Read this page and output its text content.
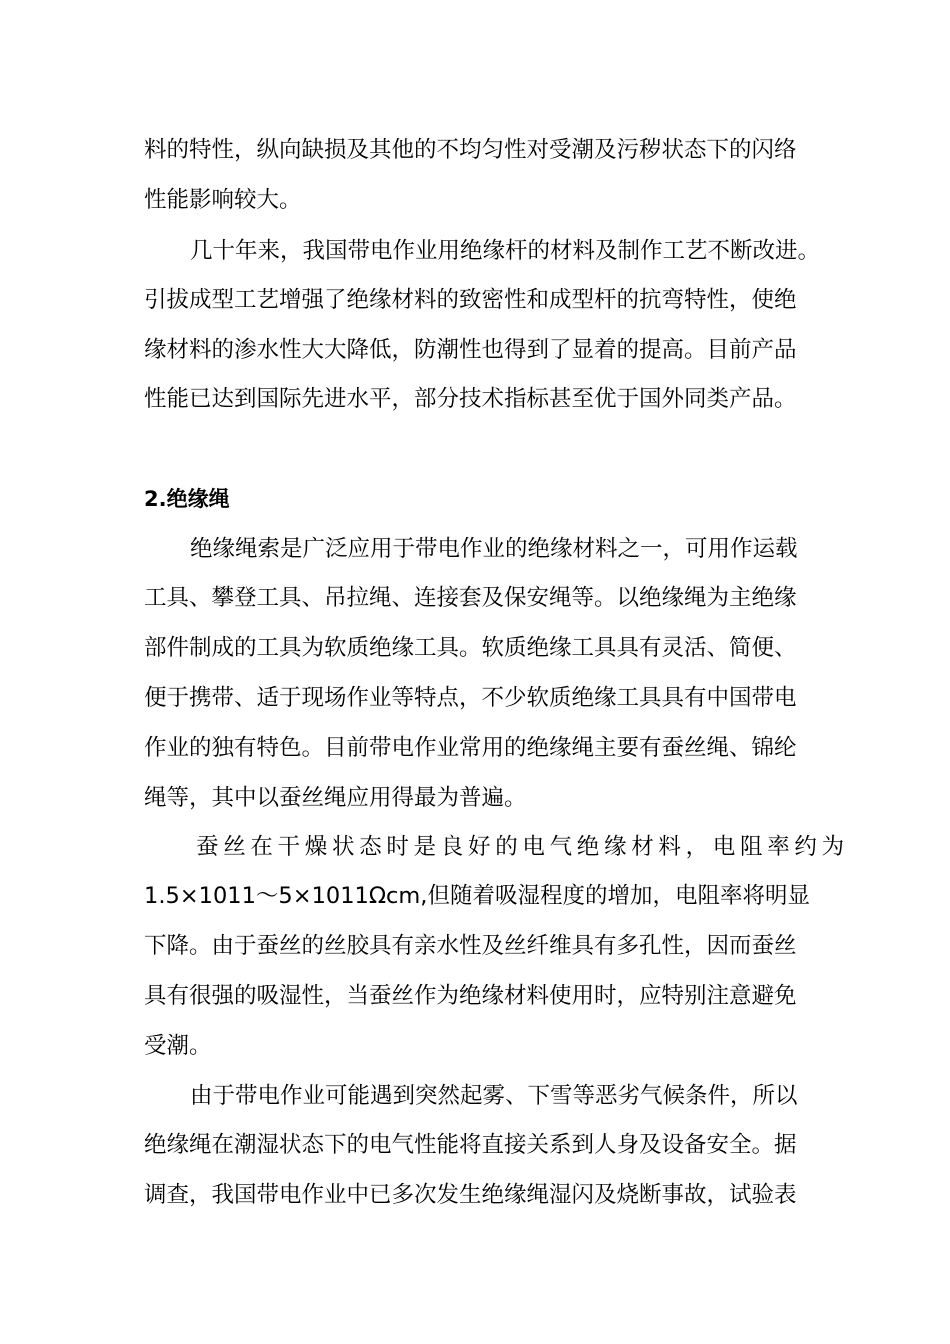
料的特性，纵向缺损及其他的不均匀性对受潮及污秽状态下的闪络

性能影响较大。

几十年来，我国带电作业用绝缘杆的材料及制作工艺不断改进。

引拔成型工艺增强了绝缘材料的致密性和成型杆的抗弯特性，使绝

缘材料的渗水性大大降低，防潮性也得到了显着的提高。目前产品

性能已达到国际先进水平，部分技术指标甚至优于国外同类产品。

2.绝缘绳

绝缘绳索是广泛应用于带电作业的绝缘材料之一，可用作运载

工具、攀登工具、吊拉绳、连接套及保安绳等。以绝缘绳为主绝缘

部件制成的工具为软质绝缘工具。软质绝缘工具具有灵活、简便、

便于携带、适于现场作业等特点，不少软质绝缘工具具有中国带电

作业的独有特色。目前带电作业常用的绝缘绳主要有蚕丝绳、锦纶

绳等，其中以蚕丝绳应用得最为普遍。

蚕丝在干燥状态时是良好的电气绝缘材料，电阻率约为

1.5×1011～5×1011Ωcm,但随着吸湿程度的增加，电阻率将明显

下降。由于蚕丝的丝胶具有亲水性及丝纤维具有多孔性，因而蚕丝

具有很强的吸湿性，当蚕丝作为绝缘材料使用时，应特别注意避免

受潮。

由于带电作业可能遇到突然起雾、下雪等恶劣气候条件，所以

绝缘绳在潮湿状态下的电气性能将直接关系到人身及设备安全。据

调查，我国带电作业中已多次发生绝缘绳湿闪及烧断事故，试验表
